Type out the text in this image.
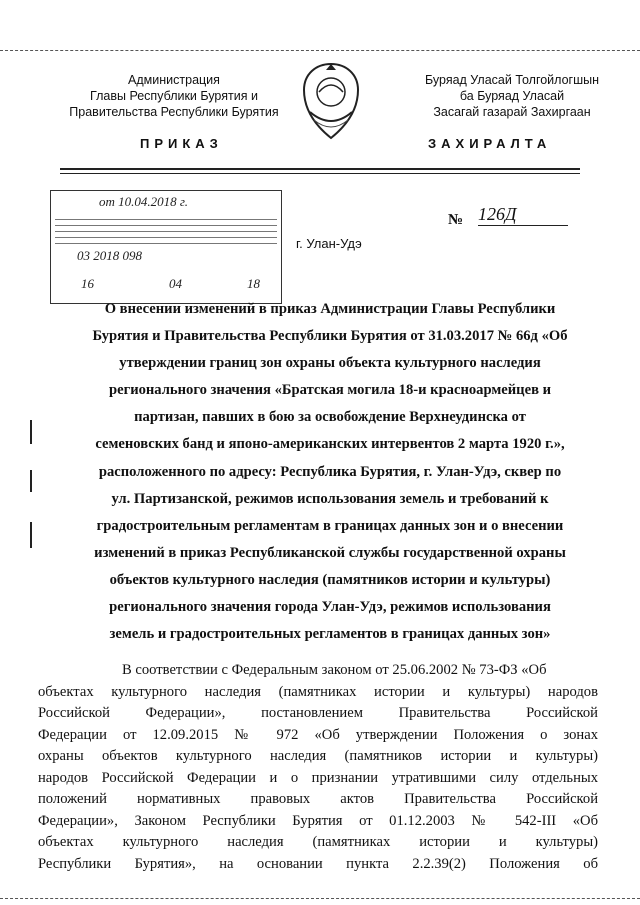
Администрация
Главы Республики Бурятия и
Правительства Республики Бурятия
Буряад Уласай Толгойлогшын
ба Буряад Уласай
Засагай газарай Захиргаан
ПРИКАЗ	ЗАХИРАЛТА
от 10.04.2018 г.
03 2018 098
16	04	18
№ 126Д
г. Улан-Удэ
О внесении изменений в приказ Администрации Главы Республики
Бурятия и Правительства Республики Бурятия от 31.03.2017 № 66д «Об
утверждении границ зон охраны объекта культурного наследия
регионального значения «Братская могила 18-и красноармейцев и
партизан, павших в бою за освобождение Верхнеудинска от
семеновских банд и японо-американских интервентов 2 марта 1920 г.»,
расположенного по адресу: Республика Бурятия, г. Улан-Удэ, сквер по
ул. Партизанской, режимов использования земель и требований к
градостроительным регламентам в границах данных зон и о внесении
изменений в приказ Республиканской службы государственной охраны
объектов культурного наследия (памятников истории и культуры)
регионального значения города Улан-Удэ, режимов использования
земель и градостроительных регламентов в границах данных зон»
В соответствии с Федеральным законом от 25.06.2002 № 73-ФЗ «Об
объектах культурного наследия (памятниках истории и культуры) народов
Российской Федерации», постановлением Правительства Российской
Федерации от 12.09.2015 № 972 «Об утверждении Положения о зонах
охраны объектов культурного наследия (памятников истории и культуры)
народов Российской Федерации и о признании утратившими силу отдельных
положений нормативных правовых актов Правительства Российской
Федерации», Законом Республики Бурятия от 01.12.2003 № 542-III «Об
объектах культурного наследия (памятниках истории и культуры)
Республики Бурятия», на основании пункта 2.2.39(2) Положения об
